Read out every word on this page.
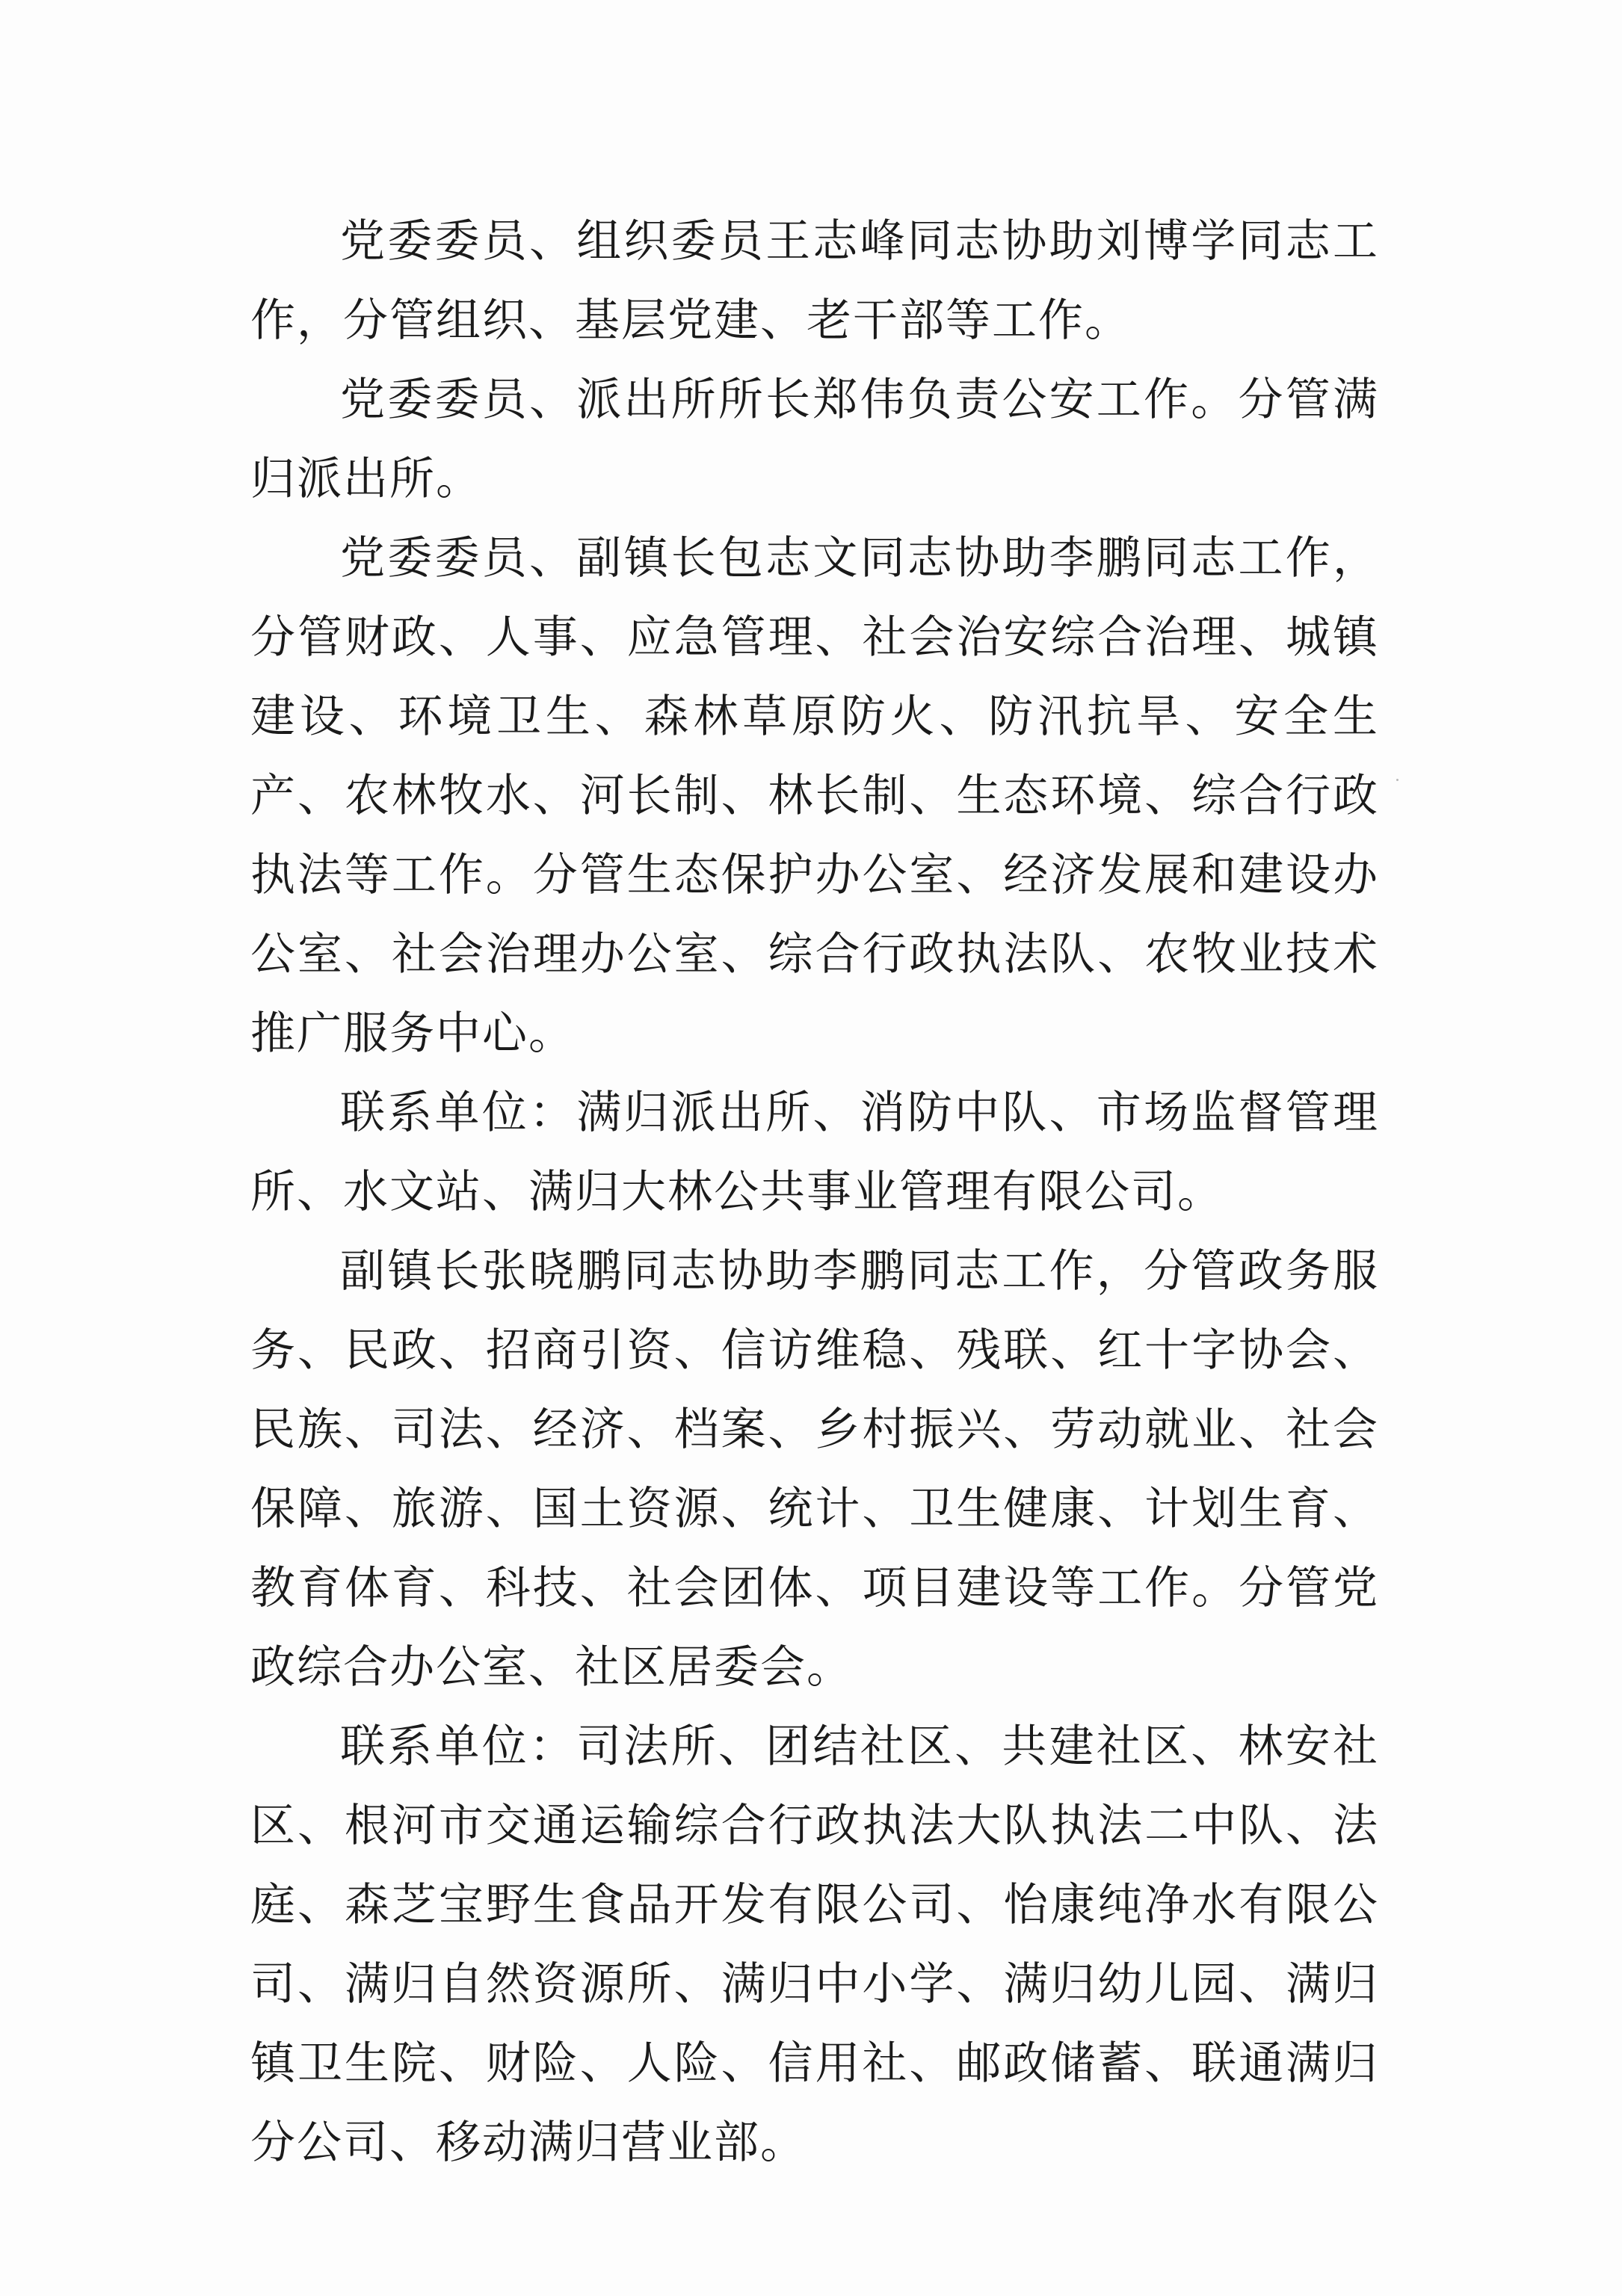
党委委员、组织委员王志峰同志协助刘博学同志工作，分管组织、基层党建、老干部等工作。

党委委员、派出所所长郑伟负责公安工作。分管满归派出所。

党委委员、副镇长包志文同志协助李鹏同志工作，分管财政、人事、应急管理、社会治安综合治理、城镇建设、环境卫生、森林草原防火、防汛抗旱、安全生产、农林牧水、河长制、林长制、生态环境、综合行政执法等工作。分管生态保护办公室、经济发展和建设办公室、社会治理办公室、综合行政执法队、农牧业技术推广服务中心。

联系单位：满归派出所、消防中队、市场监督管理所、水文站、满归大林公共事业管理有限公司。

副镇长张晓鹏同志协助李鹏同志工作，分管政务服务、民政、招商引资、信访维稳、残联、红十字协会、民族、司法、经济、档案、乡村振兴、劳动就业、社会保障、旅游、国土资源、统计、卫生健康、计划生育、教育体育、科技、社会团体、项目建设等工作。分管党政综合办公室、社区居委会。

联系单位：司法所、团结社区、共建社区、林安社区、根河市交通运输综合行政执法大队执法二中队、法庭、森芝宝野生食品开发有限公司、怡康纯净水有限公司、满归自然资源所、满归中小学、满归幼儿园、满归镇卫生院、财险、人险、信用社、邮政储蓄、联通满归分公司、移动满归营业部。
